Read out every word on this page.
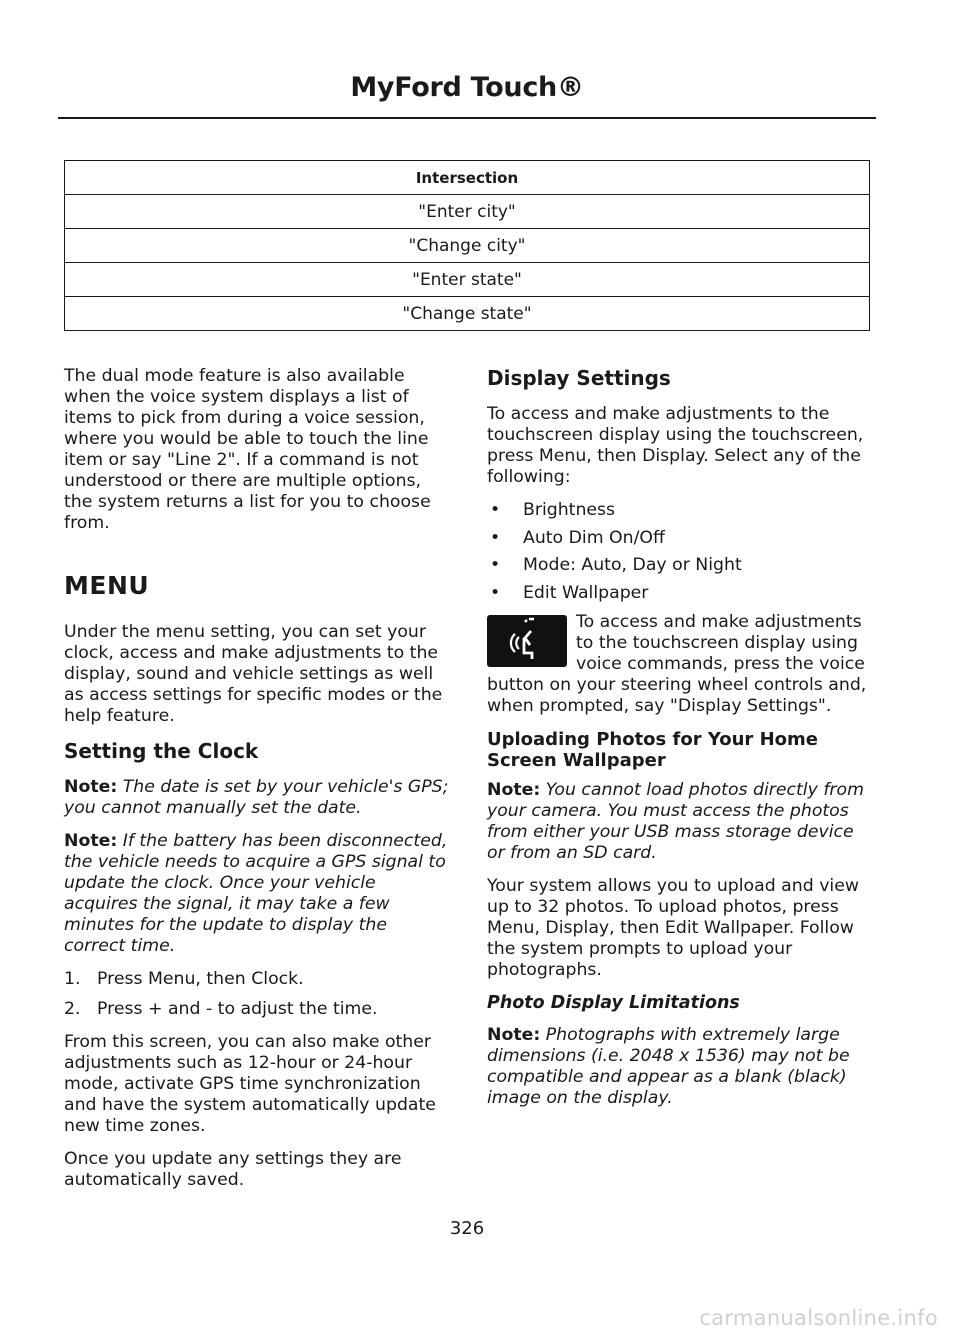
MyFord Touch®
Intersection
"Enter city"
"Change city"
"Enter state"
"Change state"

The dual mode feature is also available when the voice system displays a list of items to pick from during a voice session, where you would be able to touch the line item or say "Line 2". If a command is not understood or there are multiple options, the system returns a list for you to choose from.

MENU

Under the menu setting, you can set your clock, access and make adjustments to the display, sound and vehicle settings as well as access settings for specific modes or the help feature.

Setting the Clock

Note: The date is set by your vehicle's GPS; you cannot manually set the date.

Note: If the battery has been disconnected, the vehicle needs to acquire a GPS signal to update the clock. Once your vehicle acquires the signal, it may take a few minutes for the update to display the correct time.

1. Press Menu, then Clock.
2. Press + and - to adjust the time.

From this screen, you can also make other adjustments such as 12-hour or 24-hour mode, activate GPS time synchronization and have the system automatically update new time zones.

Once you update any settings they are automatically saved.

Display Settings

To access and make adjustments to the touchscreen display using the touchscreen, press Menu, then Display. Select any of the following:

•	Brightness
•	Auto Dim On/Off
•	Mode: Auto, Day or Night
•	Edit Wallpaper

To access and make adjustments to the touchscreen display using voice commands, press the voice button on your steering wheel controls and, when prompted, say "Display Settings".

Uploading Photos for Your Home Screen Wallpaper

Note: You cannot load photos directly from your camera. You must access the photos from either your USB mass storage device or from an SD card.

Your system allows you to upload and view up to 32 photos. To upload photos, press Menu, Display, then Edit Wallpaper. Follow the system prompts to upload your photographs.

Photo Display Limitations

Note: Photographs with extremely large dimensions (i.e. 2048 x 1536) may not be compatible and appear as a blank (black) image on the display.

326
carmanualsonline.info
